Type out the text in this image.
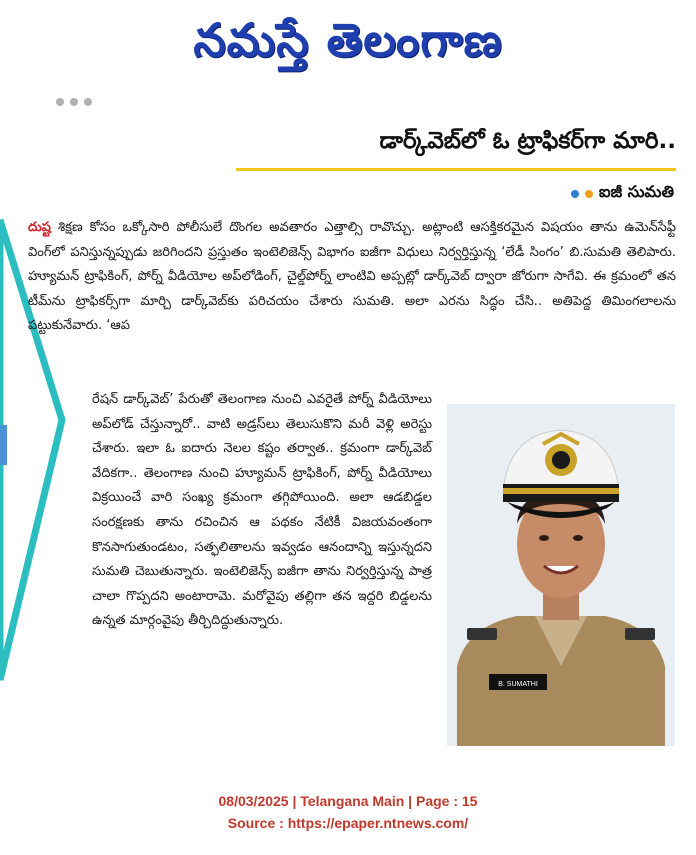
నమస్తే తెలంగాణ
డార్క్‌వెబ్‌లో ఓ ట్రాఫికర్‌గా మారి..
ఐజీ సుమతి

దుష్ట శిక్షణ కోసం ఒక్కోసారి పోలీసులే దొంగల అవతారం ఎత్తాల్సి రావొచ్చు. అట్లాంటి ఆసక్తికరమైన విషయం తాను ఉమెన్‌సేఫ్టీ వింగ్‌లో పనిస్తున్నప్పుడు జరిగిందని ప్రస్తుతం ఇంటెలిజెన్స్ విభాగం ఐజీగా విధులు నిర్వర్తిస్తున్న ‘లేడీ సింగం’ బి.సుమతి తెలిపారు. హ్యూమన్ ట్రాఫికింగ్, పోర్న్ వీడియోల అప్‌లోడింగ్, చైల్డ్‌పోర్న్ లాంటివి అప్పట్లో డార్క్‌వెబ్ ద్వారా జోరుగా సాగేవి. ఈ క్రమంలో తన టీమ్‌ను ట్రాఫికర్స్‌గా మార్చి డార్క్‌వెబ్‌కు పరిచయం చేశారు సుమతి. అలా ఎరను సిద్ధం చేసి.. అతిపెద్ద తిమింగలాలను పట్టుకునేవారు. ‘ఆప

రేషన్ డార్క్‌వెబ్’ పేరుతో తెలంగాణ నుంచి ఎవరైతే పోర్న్ వీడియోలు అప్‌లోడ్ చేస్తున్నారో.. వాటి అడ్రస్‌లు తెలుసుకొని మరీ వెళ్లి అరెస్టు చేశారు. ఇలా ఓ ఐదారు నెలల కష్టం తర్వాత.. క్రమంగా డార్క్‌వెబ్ వేదికగా.. తెలంగాణ నుంచి హ్యూమన్ ట్రాఫికింగ్, పోర్న్ వీడియోలు విక్రయించే వారి సంఖ్య క్రమంగా తగ్గిపోయింది. అలా ఆడబిడ్డల సంరక్షణకు తాను రచించిన ఆ పథకం నేటికీ విజయవంతంగా కొనసాగుతుండటం, సత్ఫలితాలను ఇవ్వడం ఆనందాన్ని ఇస్తున్నదని సుమతి చెబుతున్నారు. ఇంటెలిజెన్స్ ఐజీగా తాను నిర్వర్తిస్తున్న పాత్ర చాలా గొప్పదని అంటారామె. మరోవైపు తల్లిగా తన ఇద్దరి బిడ్డలను ఉన్నత మార్గంవైపు తీర్చిదిద్దుతున్నారు.

B. SUMATHI
08/03/2025 | Telangana Main | Page : 15
Source : https://epaper.ntnews.com/
